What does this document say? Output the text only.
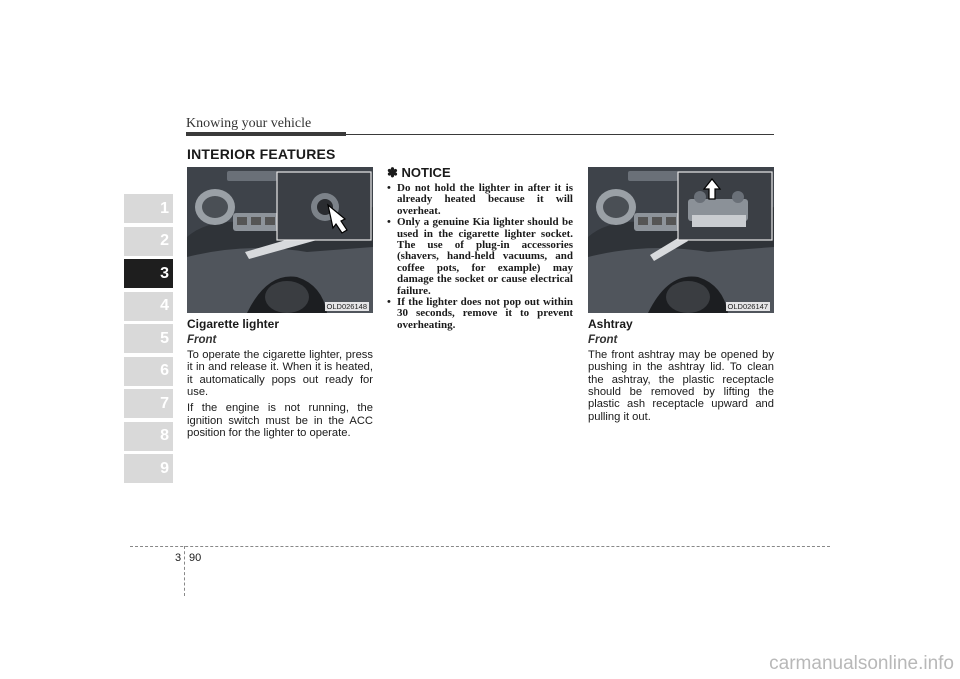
Knowing your vehicle
INTERIOR FEATURES
1
2
3
4
5
6
7
8
9
OLD026148	OLD026147
Cigarette lighter
Front

To operate the cigarette lighter, press it in and release it. When it is heated, it automatically pops out ready for use.

If the engine is not running, the ignition switch must be in the ACC position for the lighter to operate.

✽ NOTICE
• Do not hold the lighter in after it is already heated because it will overheat.
• Only a genuine Kia lighter should be used in the cigarette lighter socket. The use of plug-in accessories (shavers, hand-held vacuums, and coffee pots, for example) may damage the socket or cause electrical failure.
• If the lighter does not pop out within 30 seconds, remove it to prevent overheating.	Ashtray
Front

The front ashtray may be opened by pushing in the ashtray lid. To clean the ashtray, the plastic receptacle should be removed by lifting the plastic ash receptacle upward and pulling it out.

3 90
carmanualsonline.info
